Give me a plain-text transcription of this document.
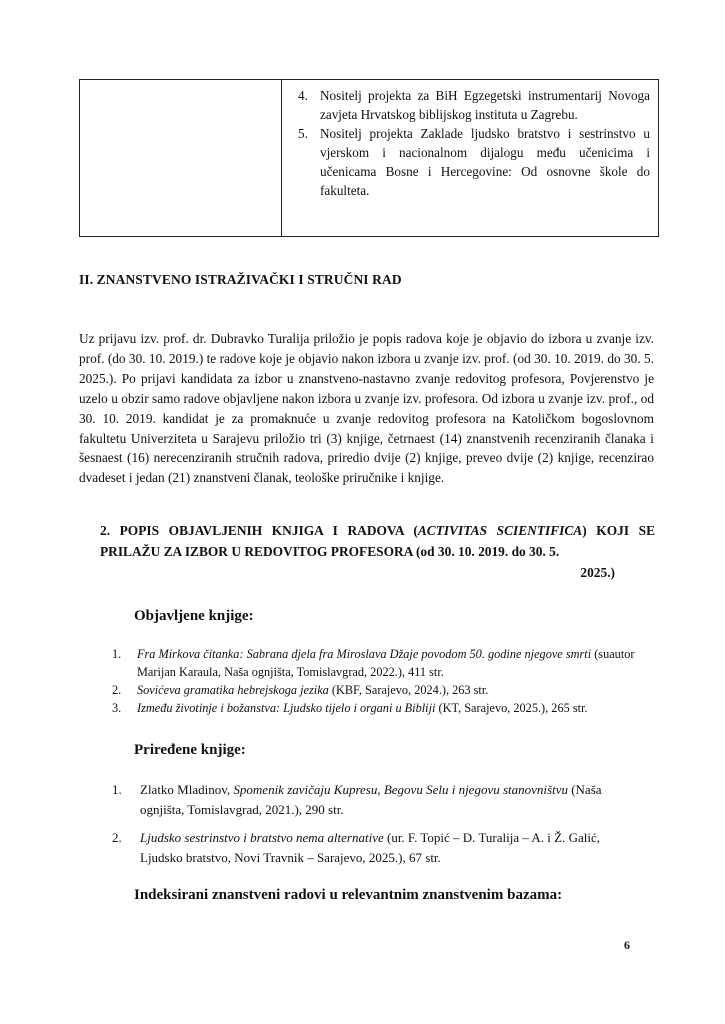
4. Nositelj projekta za BiH Egzegetski instrumentarij Novoga zavjeta Hrvatskog biblijskog instituta u Zagrebu.
5. Nositelj projekta Zaklade ljudsko bratstvo i sestrinstvo u vjerskom i nacionalnom dijalogu među učenicima i učenicama Bosne i Hercegovine: Od osnovne škole do fakulteta.
II. ZNANSTVENO ISTRAŽIVAČKI I STRUČNI RAD

Uz prijavu izv. prof. dr. Dubravko Turalija priložio je popis radova koje je objavio do izbora u zvanje izv. prof. (do 30. 10. 2019.) te radove koje je objavio nakon izbora u zvanje izv. prof. (od 30. 10. 2019. do 30. 5. 2025.). Po prijavi kandidata za izbor u znanstveno-nastavno zvanje redovitog profesora, Povjerenstvo je uzelo u obzir samo radove objavljene nakon izbora u zvanje izv. profesora. Od izbora u zvanje izv. prof., od 30. 10. 2019. kandidat je za promaknuće u zvanje redovitog profesora na Katoličkom bogoslovnom fakultetu Univerziteta u Sarajevu priložio tri (3) knjige, četrnaest (14) znanstvenih recenziranih članaka i šesnaest (16) nerecenziranih stručnih radova, priredio dvije (2) knjige, preveo dvije (2) knjige, recenzirao dvadeset i jedan (21) znanstveni članak, teološke priručnike i knjige.

2. POPIS OBJAVLJENIH KNJIGA I RADOVA (ACTIVITAS SCIENTIFICA) KOJI SE PRILAŽU ZA IZBOR U REDOVITOG PROFESORA (od 30. 10. 2019. do 30. 5.
2025.)
Objavljene knjige:
1.	Fra Mirkova čitanka: Sabrana djela fra Miroslava Džaje povodom 50. godine njegove smrti (suautor Marijan Karaula, Naša ognjišta, Tomislavgrad, 2022.), 411 str.
2.	Sovićeva gramatika hebrejskoga jezika (KBF, Sarajevo, 2024.), 263 str.
3.	Između životinje i božanstva: Ljudsko tijelo i organi u Bibliji (KT, Sarajevo, 2025.), 265 str.
Priređene knjige:
1.	Zlatko Mladinov, Spomenik zavičaju Kupresu, Begovu Selu i njegovu stanovništvu (Naša ognjišta, Tomislavgrad, 2021.), 290 str.
2.	Ljudsko sestrinstvo i bratstvo nema alternative (ur. F. Topić – D. Turalija – A. i Ž. Galić, Ljudsko bratstvo, Novi Travnik – Sarajevo, 2025.), 67 str.
Indeksirani znanstveni radovi u relevantnim znanstvenim bazama:
6
